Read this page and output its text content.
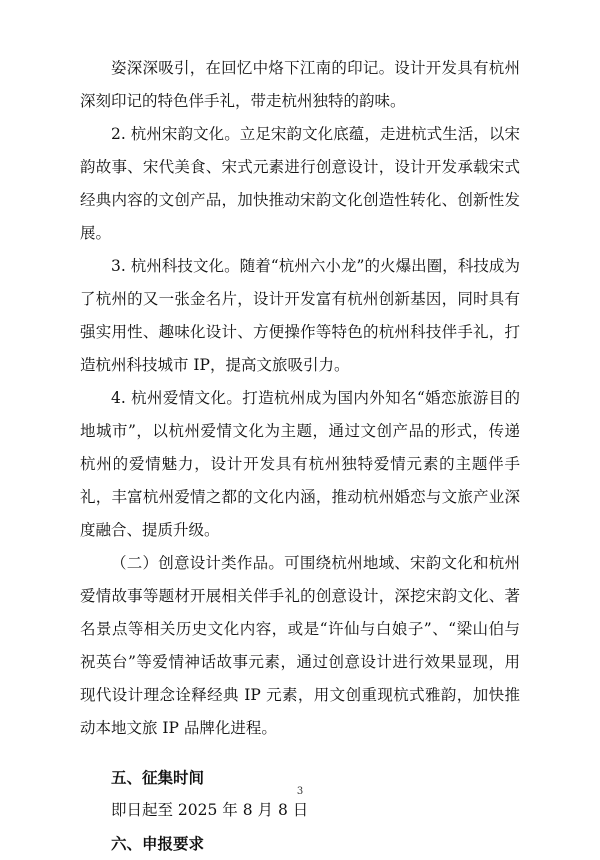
姿深深吸引，在回忆中烙下江南的印记。设计开发具有杭州深刻印记的特色伴手礼，带走杭州独特的韵味。

2. 杭州宋韵文化。立足宋韵文化底蕴，走进杭式生活，以宋韵故事、宋代美食、宋式元素进行创意设计，设计开发承载宋式经典内容的文创产品，加快推动宋韵文化创造性转化、创新性发展。

3. 杭州科技文化。随着“杭州六小龙”的火爆出圈，科技成为了杭州的又一张金名片，设计开发富有杭州创新基因，同时具有强实用性、趣味化设计、方便操作等特色的杭州科技伴手礼，打造杭州科技城市 IP，提高文旅吸引力。

4. 杭州爱情文化。打造杭州成为国内外知名“婚恋旅游目的地城市”，以杭州爱情文化为主题，通过文创产品的形式，传递杭州的爱情魅力，设计开发具有杭州独特爱情元素的主题伴手礼，丰富杭州爱情之都的文化内涵，推动杭州婚恋与文旅产业深度融合、提质升级。

（二）创意设计类作品。可围绕杭州地域、宋韵文化和杭州爱情故事等题材开展相关伴手礼的创意设计，深挖宋韵文化、著名景点等相关历史文化内容，或是“许仙与白娘子”、“梁山伯与祝英台”等爱情神话故事元素，通过创意设计进行效果显现，用现代设计理念诠释经典 IP 元素，用文创重现杭式雅韵，加快推动本地文旅 IP 品牌化进程。

五、征集时间

即日起至 2025 年 8 月 8 日

六、申报要求

3
